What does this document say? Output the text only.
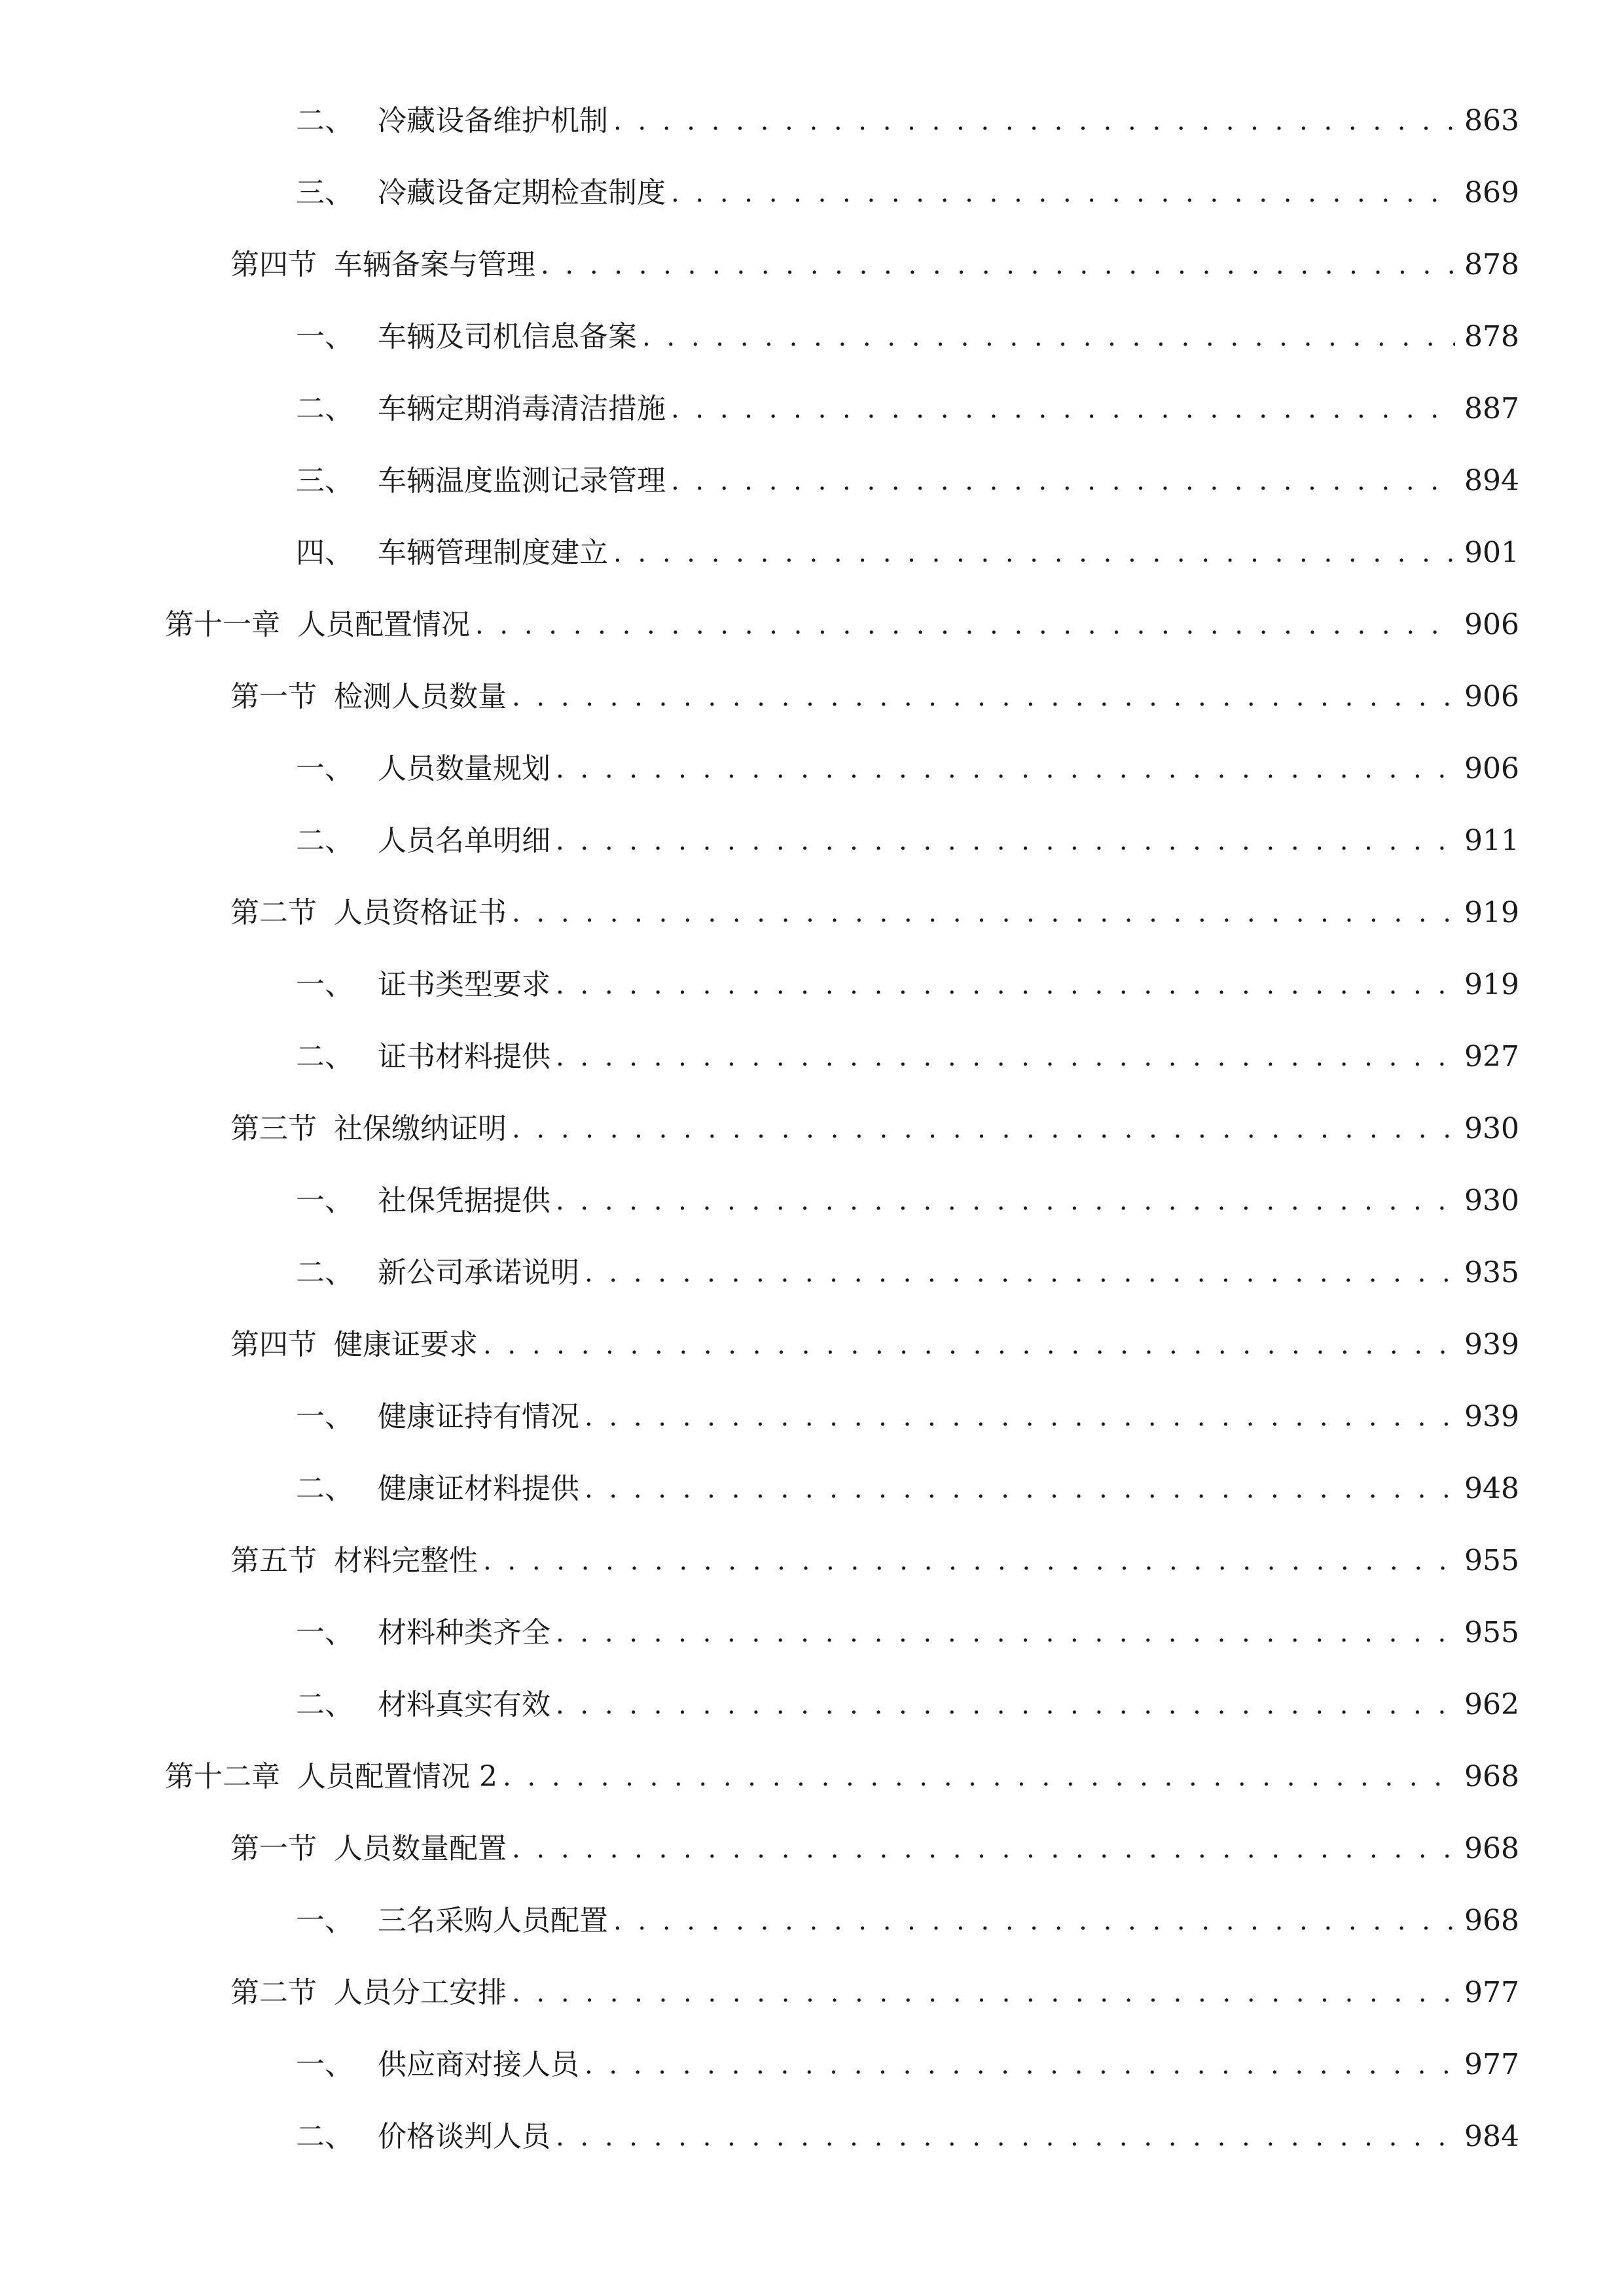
二、 冷藏设备维护机制 . . .	863
三、 冷藏设备定期检查制度 . . .	869
第四节 车辆备案与管理 . . .	878
一、 车辆及司机信息备案 . . .	878
二、 车辆定期消毒清洁措施 . . .	887
三、 车辆温度监测记录管理 . . .	894
四、 车辆管理制度建立 . . .	901
第十一章 人员配置情况 . . .	906
第一节 检测人员数量 . . .	906
一、 人员数量规划 . . .	906
二、 人员名单明细 . . .	911
第二节 人员资格证书 . . .	919
一、 证书类型要求 . . .	919
二、 证书材料提供 . . .	927
第三节 社保缴纳证明 . . .	930
一、 社保凭据提供 . . .	930
二、 新公司承诺说明 . . .	935
第四节 健康证要求 . . .	939
一、 健康证持有情况 . . .	939
二、 健康证材料提供 . . .	948
第五节 材料完整性 . . .	955
一、 材料种类齐全 . . .	955
二、 材料真实有效 . . .	962
第十二章 人员配置情况 2 . . .	968
第一节 人员数量配置 . . .	968
一、 三名采购人员配置 . . .	968
第二节 人员分工安排 . . .	977
一、 供应商对接人员 . . .	977
二、 价格谈判人员 . . .	984
